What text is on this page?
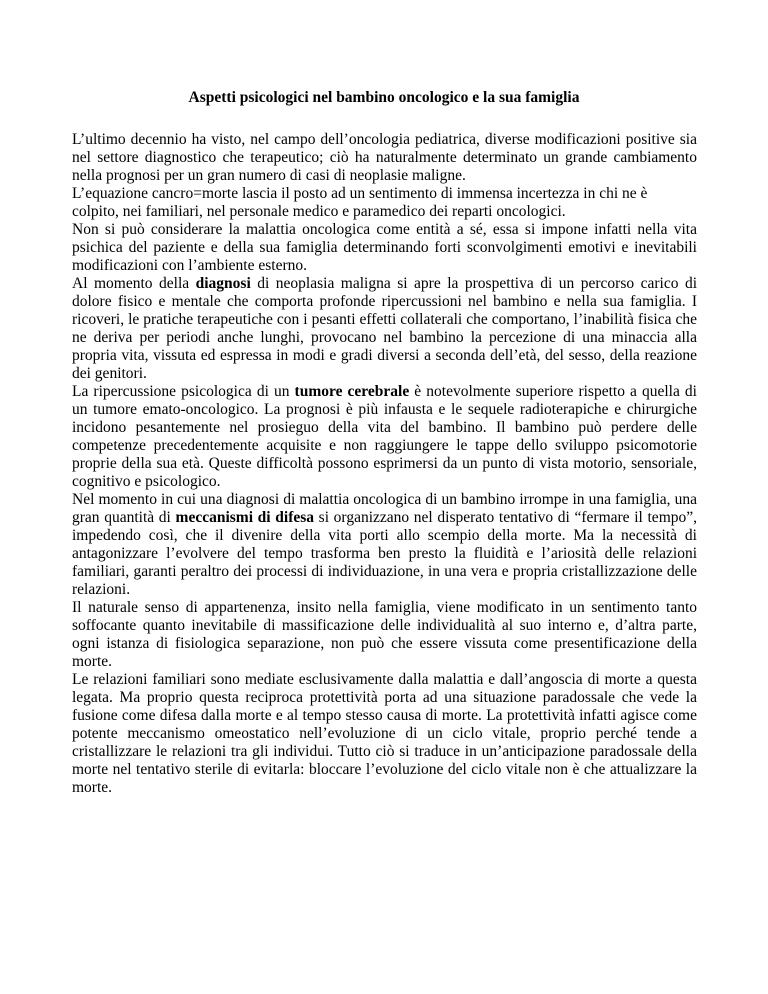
Aspetti psicologici nel bambino oncologico e la sua famiglia

L’ultimo decennio ha visto, nel campo dell’oncologia pediatrica, diverse modificazioni positive sia nel settore diagnostico che terapeutico; ciò ha naturalmente determinato un grande cambiamento nella prognosi per un gran numero di casi di neoplasie maligne.

L’equazione cancro=morte lascia il posto ad un sentimento di immensa incertezza in chi ne è colpito, nei familiari, nel personale medico e paramedico dei reparti oncologici.

Non si può considerare la malattia oncologica come entità a sé, essa si impone infatti nella vita psichica del paziente e della sua famiglia determinando forti sconvolgimenti emotivi e inevitabili modificazioni con l’ambiente esterno.

Al momento della diagnosi di neoplasia maligna si apre la prospettiva di un percorso carico di dolore fisico e mentale che comporta profonde ripercussioni nel bambino e nella sua famiglia. I ricoveri, le pratiche terapeutiche con i pesanti effetti collaterali che comportano, l’inabilità fisica che ne deriva per periodi anche lunghi, provocano nel bambino la percezione di una minaccia alla propria vita, vissuta ed espressa in modi e gradi diversi a seconda dell’età, del sesso, della reazione dei genitori.

La ripercussione psicologica di un tumore cerebrale è notevolmente superiore rispetto a quella di un tumore emato-oncologico. La prognosi è più infausta e le sequele radioterapiche e chirurgiche incidono pesantemente nel prosieguo della vita del bambino. Il bambino può perdere delle competenze precedentemente acquisite e non raggiungere le tappe dello sviluppo psicomotorie proprie della sua età. Queste difficoltà possono esprimersi da un punto di vista motorio, sensoriale, cognitivo e psicologico.

Nel momento in cui una diagnosi di malattia oncologica di un bambino irrompe in una famiglia, una gran quantità di meccanismi di difesa si organizzano nel disperato tentativo di “fermare il tempo”, impedendo così, che il divenire della vita porti allo scempio della morte. Ma la necessità di antagonizzare l’evolvere del tempo trasforma ben presto la fluidità e l’ariosità delle relazioni familiari, garanti peraltro dei processi di individuazione, in una vera e propria cristallizzazione delle relazioni.

Il naturale senso di appartenenza, insito nella famiglia, viene modificato in un sentimento tanto soffocante quanto inevitabile di massificazione delle individualità al suo interno e, d’altra parte, ogni istanza di fisiologica separazione, non può che essere vissuta come presentificazione della morte.

Le relazioni familiari sono mediate esclusivamente dalla malattia e dall’angoscia di morte a questa legata. Ma proprio questa reciproca protettività porta ad una situazione paradossale che vede la fusione come difesa dalla morte e al tempo stesso causa di morte. La protettività infatti agisce come potente meccanismo omeostatico nell’evoluzione di un ciclo vitale, proprio perché tende a cristallizzare le relazioni tra gli individui. Tutto ciò si traduce in un’anticipazione paradossale della morte nel tentativo sterile di evitarla: bloccare l’evoluzione del ciclo vitale non è che attualizzare la morte.
